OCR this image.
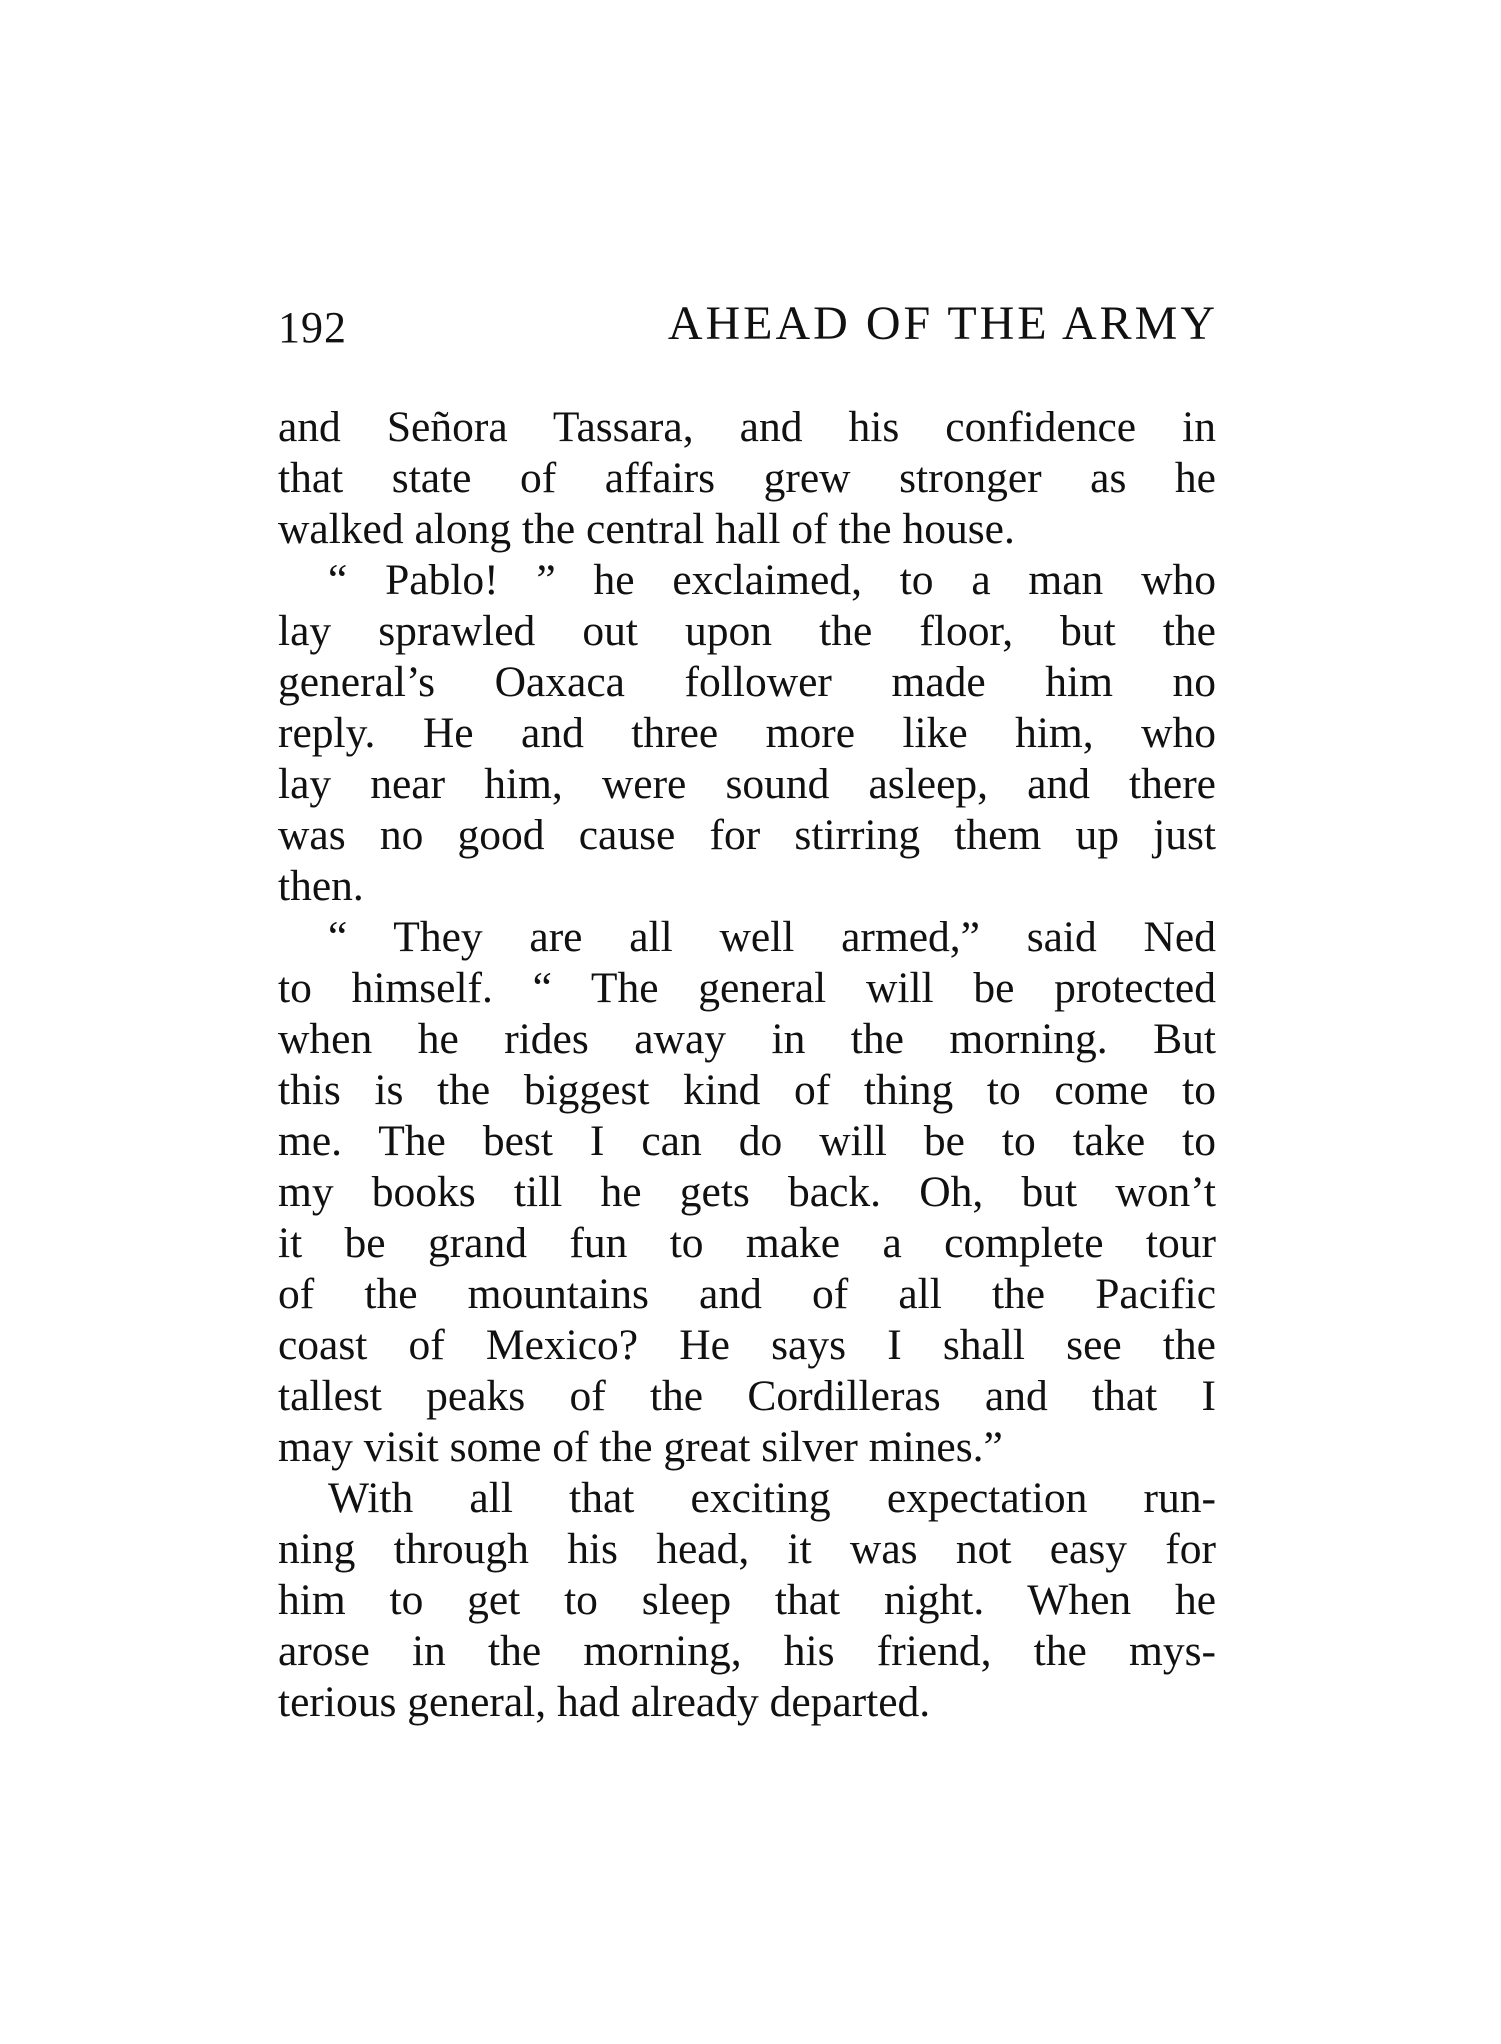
192	AHEAD OF THE ARMY
and Señora Tassara, and his confidence in
that state of affairs grew stronger as he
walked along the central hall of the house.
“ Pablo! ” he exclaimed, to a man who
lay sprawled out upon the floor, but the
general’s Oaxaca follower made him no
reply. He and three more like him, who
lay near him, were sound asleep, and there
was no good cause for stirring them up just
then.
“ They are all well armed,” said Ned
to himself. “ The general will be protected
when he rides away in the morning. But
this is the biggest kind of thing to come to
me. The best I can do will be to take to
my books till he gets back. Oh, but won’t
it be grand fun to make a complete tour
of the mountains and of all the Pacific
coast of Mexico? He says I shall see the
tallest peaks of the Cordilleras and that I
may visit some of the great silver mines.”
With all that exciting expectation run-
ning through his head, it was not easy for
him to get to sleep that night. When he
arose in the morning, his friend, the mys-
terious general, had already departed.
